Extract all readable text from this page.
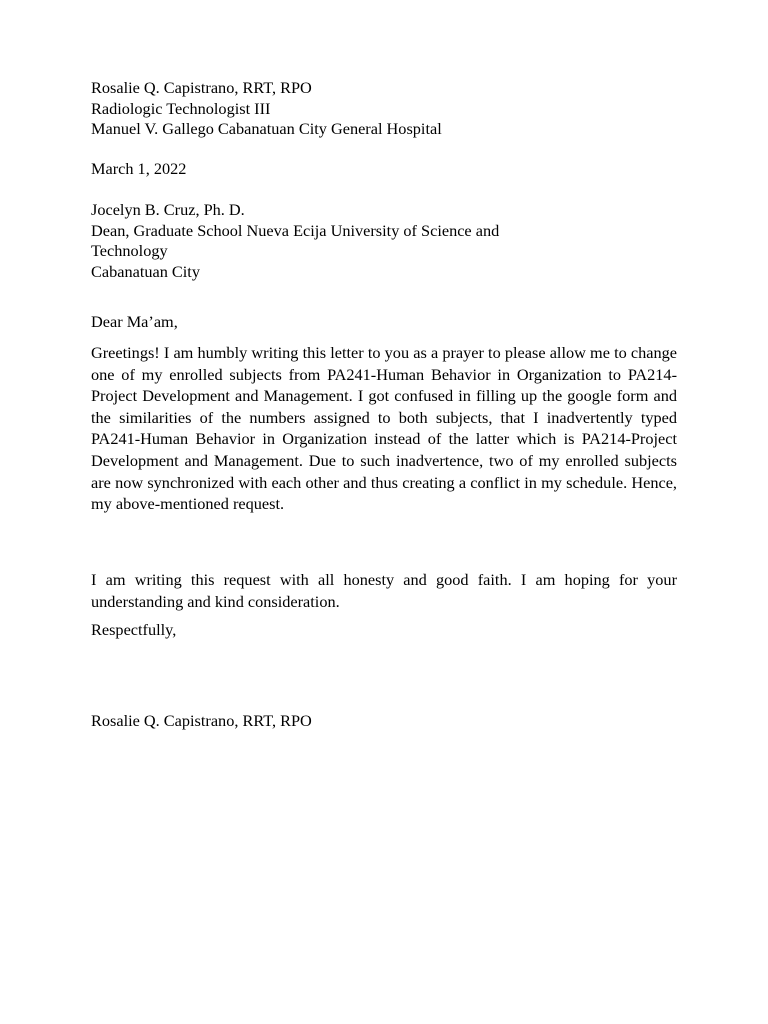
Rosalie Q. Capistrano, RRT, RPO
Radiologic Technologist III
Manuel V. Gallego Cabanatuan City General Hospital
March 1, 2022
Jocelyn B. Cruz, Ph. D.
Dean, Graduate School Nueva Ecija University of Science and
Technology
Cabanatuan City
Dear Ma’am,
Greetings! I am humbly writing this letter to you as a prayer to please allow me to change one of my enrolled subjects from PA241-Human Behavior in Organization to PA214-Project Development and Management. I got confused in filling up the google form and the similarities of the numbers assigned to both subjects, that I inadvertently typed PA241-Human Behavior in Organization instead of the latter which is PA214-Project Development and Management. Due to such inadvertence, two of my enrolled subjects are now synchronized with each other and thus creating a conflict in my schedule. Hence, my above-mentioned request.
I am writing this request with all honesty and good faith. I am hoping for your understanding and kind consideration.
Respectfully,
Rosalie Q. Capistrano, RRT, RPO
